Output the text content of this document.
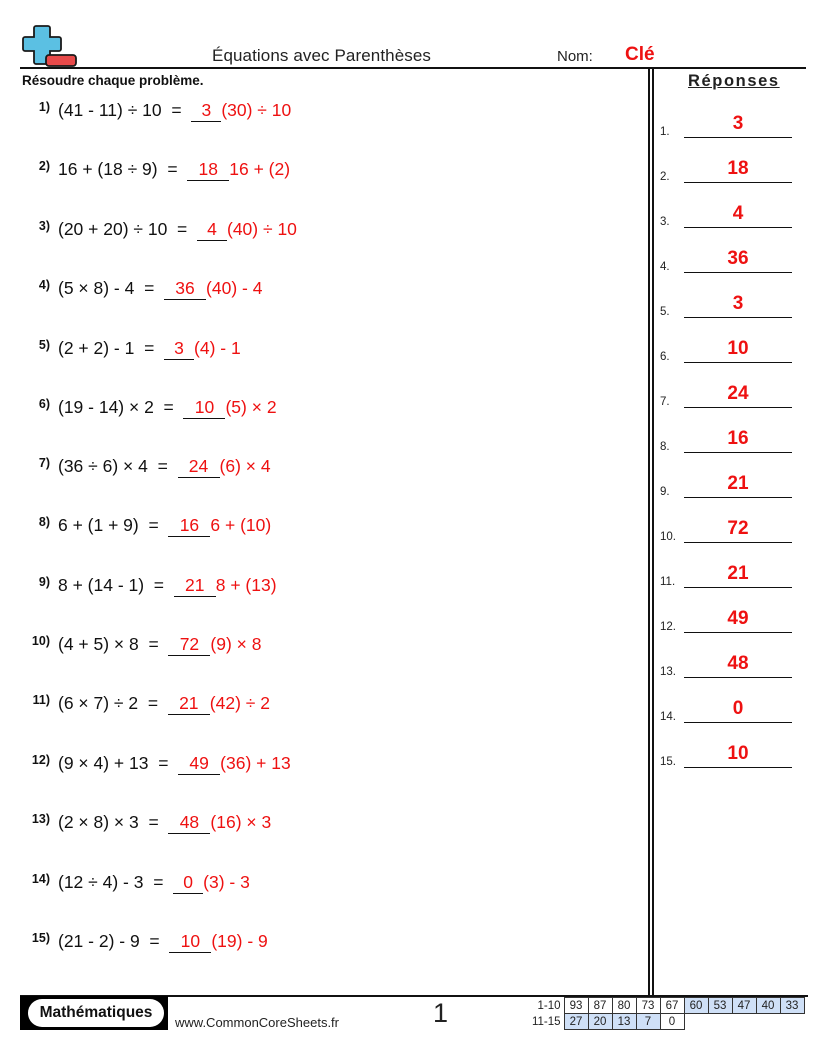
Équations avec Parenthèses	Nom: Clé
Résoudre chaque problème.	Réponses
1) (41 - 11) ÷ 10  =  3 (30) ÷ 10
2) 16 + (18 ÷ 9)  =  18 16 + (2)
3) (20 + 20) ÷ 10  =  4 (40) ÷ 10
4) (5 × 8) - 4  =  36 (40) - 4
5) (2 + 2) - 1  =  3 (4) - 1
6) (19 - 14) × 2  =  10 (5) × 2
7) (36 ÷ 6) × 4  =  24 (6) × 4
8) 6 + (1 + 9)  =  16 6 + (10)
9) 8 + (14 - 1)  =  21 8 + (13)
10) (4 + 5) × 8  =  72 (9) × 8
11) (6 × 7) ÷ 2  =  21 (42) ÷ 2
12) (9 × 4) + 13  =  49 (36) + 13
13) (2 × 8) × 3  =  48 (16) × 3
14) (12 ÷ 4) - 3  =  0 (3) - 3
15) (21 - 2) - 9  =  10 (19) - 9
1.	3
2.	18
3.	4
4.	36
5.	3
6.	10
7.	24
8.	16
9.	21
10.	72
11.	21
12.	49
13.	48
14.	0
15.	10
Mathématiques
www.CommonCoreSheets.fr	1	1-10	93	87	80	73	67	60	53	47	40	33
11-15	27	20	13	7	0					
